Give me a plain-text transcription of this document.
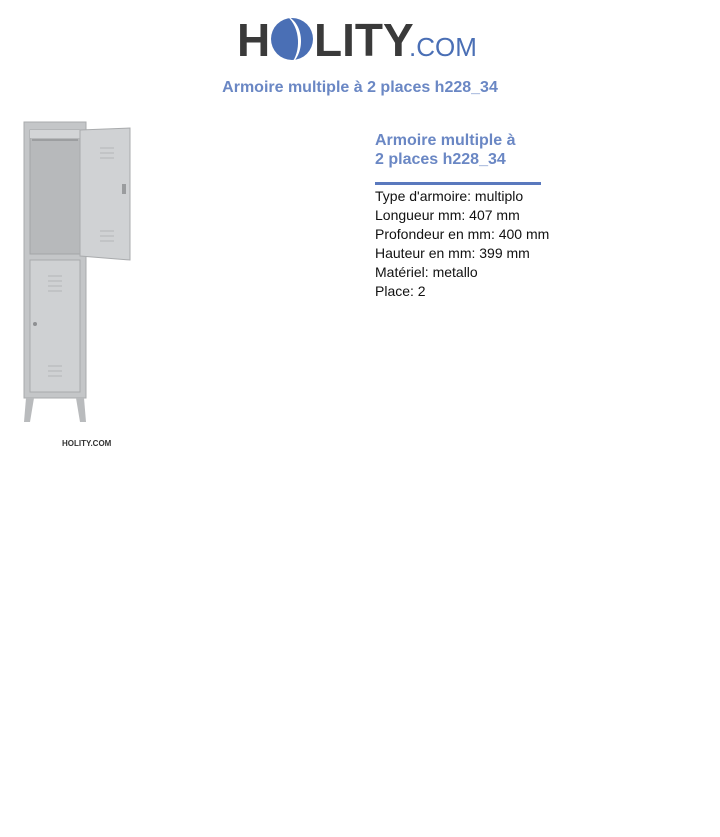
H LITY
.COM
Armoire multiple à 2 places h228_34
HOLITY.COM
Armoire multiple à
2 places h228_34
Type d'armoire: multiplo
Longueur mm: 407 mm
Profondeur en mm: 400 mm
Hauteur en mm: 399 mm
Matériel: metallo
Place: 2
